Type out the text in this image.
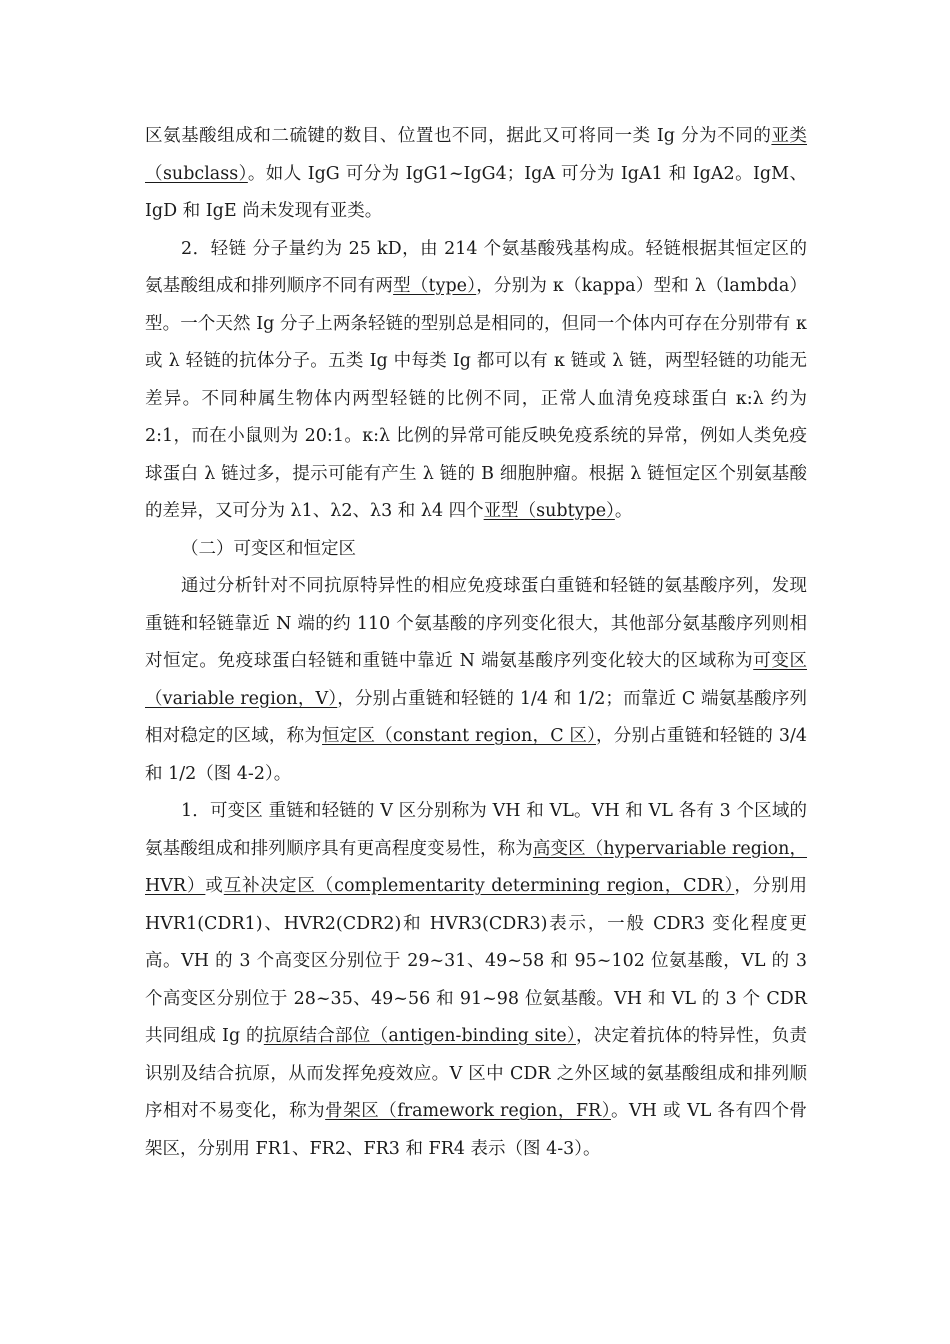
区氨基酸组成和二硫键的数目、位置也不同，据此又可将同一类 Ig 分为不同的亚类（subclass）。如人 IgG 可分为 IgG1~IgG4；IgA 可分为 IgA1 和 IgA2。IgM、IgD 和 IgE 尚未发现有亚类。

2．轻链 分子量约为 25 kD，由 214 个氨基酸残基构成。轻链根据其恒定区的氨基酸组成和排列顺序不同有两型（type），分别为 κ（kappa）型和 λ（lambda）型。一个天然 Ig 分子上两条轻链的型别总是相同的，但同一个体内可存在分别带有 κ 或 λ 轻链的抗体分子。五类 Ig 中每类 Ig 都可以有 κ 链或 λ 链，两型轻链的功能无差异。不同种属生物体内两型轻链的比例不同，正常人血清免疫球蛋白 κ:λ 约为 2:1，而在小鼠则为 20:1。κ:λ 比例的异常可能反映免疫系统的异常，例如人类免疫球蛋白 λ 链过多，提示可能有产生 λ 链的 B 细胞肿瘤。根据 λ 链恒定区个别氨基酸的差异，又可分为 λ1、λ2、λ3 和 λ4 四个亚型（subtype）。

（二）可变区和恒定区

通过分析针对不同抗原特异性的相应免疫球蛋白重链和轻链的氨基酸序列，发现重链和轻链靠近 N 端的约 110 个氨基酸的序列变化很大，其他部分氨基酸序列则相对恒定。免疫球蛋白轻链和重链中靠近 N 端氨基酸序列变化较大的区域称为可变区（variable region，V），分别占重链和轻链的 1/4 和 1/2；而靠近 C 端氨基酸序列相对稳定的区域，称为恒定区（constant region，C 区），分别占重链和轻链的 3/4 和 1/2（图 4-2）。

1．可变区 重链和轻链的 V 区分别称为 VH 和 VL。VH 和 VL 各有 3 个区域的氨基酸组成和排列顺序具有更高程度变易性，称为高变区（hypervariable region，HVR）或互补决定区（complementarity determining region，CDR），分别用 HVR1(CDR1)、HVR2(CDR2)和 HVR3(CDR3)表示，一般 CDR3 变化程度更高。VH 的 3 个高变区分别位于 29~31、49~58 和 95~102 位氨基酸，VL 的 3 个高变区分别位于 28~35、49~56 和 91~98 位氨基酸。VH 和 VL 的 3 个 CDR 共同组成 Ig 的抗原结合部位（antigen-binding site），决定着抗体的特异性，负责识别及结合抗原，从而发挥免疫效应。V 区中 CDR 之外区域的氨基酸组成和排列顺序相对不易变化，称为骨架区（framework region，FR）。VH 或 VL 各有四个骨架区，分别用 FR1、FR2、FR3 和 FR4 表示（图 4-3）。
